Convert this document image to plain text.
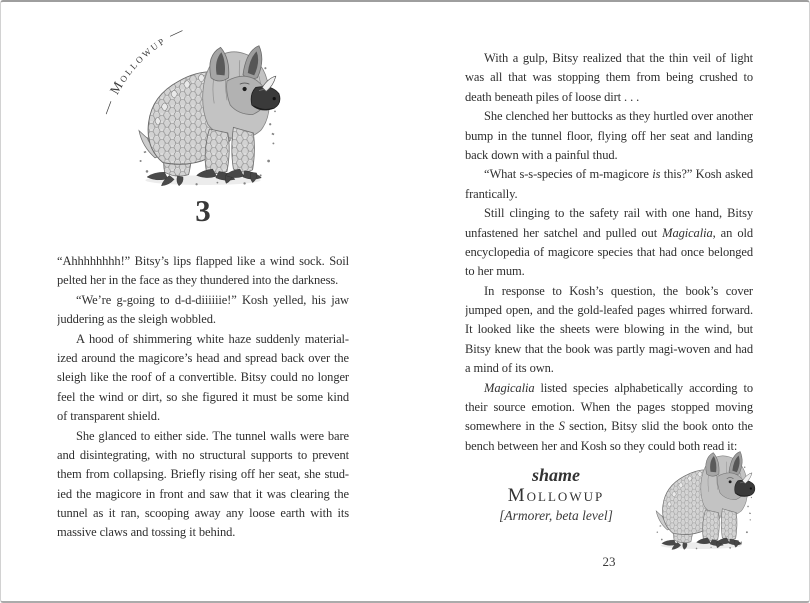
— Mollowup —
3
“Ahhhhhhhh!” Bitsy’s lips flapped like a wind sock. Soil
pelted her in the face as they thundered into the darkness.
“We’re g-going to d-d-diiiiiie!” Kosh yelled, his jaw
juddering as the sleigh wobbled.
A hood of shimmering white haze suddenly material-
ized around the magicore’s head and spread back over the
sleigh like the roof of a convertible. Bitsy could no longer
feel the wind or dirt, so she figured it must be some kind
of transparent shield.
She glanced to either side. The tunnel walls were bare
and disintegrating, with no structural supports to prevent
them from collapsing. Briefly rising off her seat, she stud-
ied the magicore in front and saw that it was clearing the
tunnel as it ran, scooping away any loose earth with its
massive claws and tossing it behind.
With a gulp, Bitsy realized that the thin veil of light
was all that was stopping them from being crushed to
death beneath piles of loose dirt . . .
She clenched her buttocks as they hurtled over another
bump in the tunnel floor, flying off her seat and landing
back down with a painful thud.
“What s-s-species of m-magicore is this?” Kosh asked
frantically.
Still clinging to the safety rail with one hand, Bitsy
unfastened her satchel and pulled out Magicalia, an old
encyclopedia of magicore species that had once belonged
to her mum.
In response to Kosh’s question, the book’s cover
jumped open, and the gold-leafed pages whirred forward.
It looked like the sheets were blowing in the wind, but
Bitsy knew that the book was partly magi-woven and had
a mind of its own.
Magicalia listed species alphabetically according to
their source emotion. When the pages stopped moving
somewhere in the S section, Bitsy slid the book onto the
bench between her and Kosh so they could both read it:
shame
Mollowup
[Armorer, beta level]
23
